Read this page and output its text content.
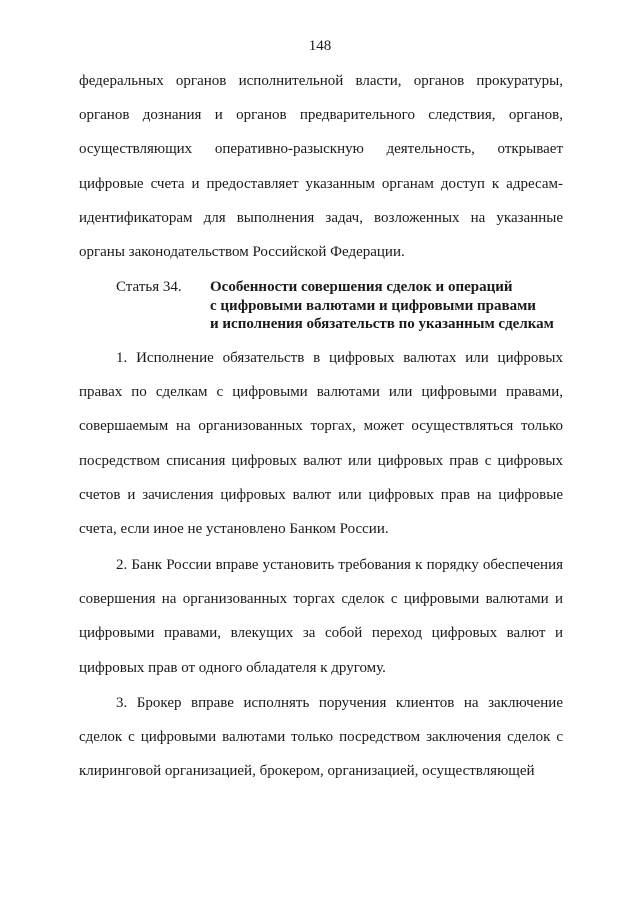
148

федеральных органов исполнительной власти, органов прокуратуры, органов дознания и органов предварительного следствия, органов, осуществляющих оперативно-разыскную деятельность, открывает цифровые счета и предоставляет указанным органам доступ к адресам-идентификаторам для выполнения задач, возложенных на указанные органы законодательством Российской Федерации.

Статья 34. Особенности совершения сделок и операций
с цифровыми валютами и цифровыми правами
и исполнения обязательств по указанным сделкам

1. Исполнение обязательств в цифровых валютах или цифровых правах по сделкам с цифровыми валютами или цифровыми правами, совершаемым на организованных торгах, может осуществляться только посредством списания цифровых валют или цифровых прав с цифровых счетов и зачисления цифровых валют или цифровых прав на цифровые счета, если иное не установлено Банком России.

2. Банк России вправе установить требования к порядку обеспечения совершения на организованных торгах сделок с цифровыми валютами и цифровыми правами, влекущих за собой переход цифровых валют и цифровых прав от одного обладателя к другому.

3. Брокер вправе исполнять поручения клиентов на заключение сделок с цифровыми валютами только посредством заключения сделок с клиринговой организацией, брокером, организацией, осуществляющей
